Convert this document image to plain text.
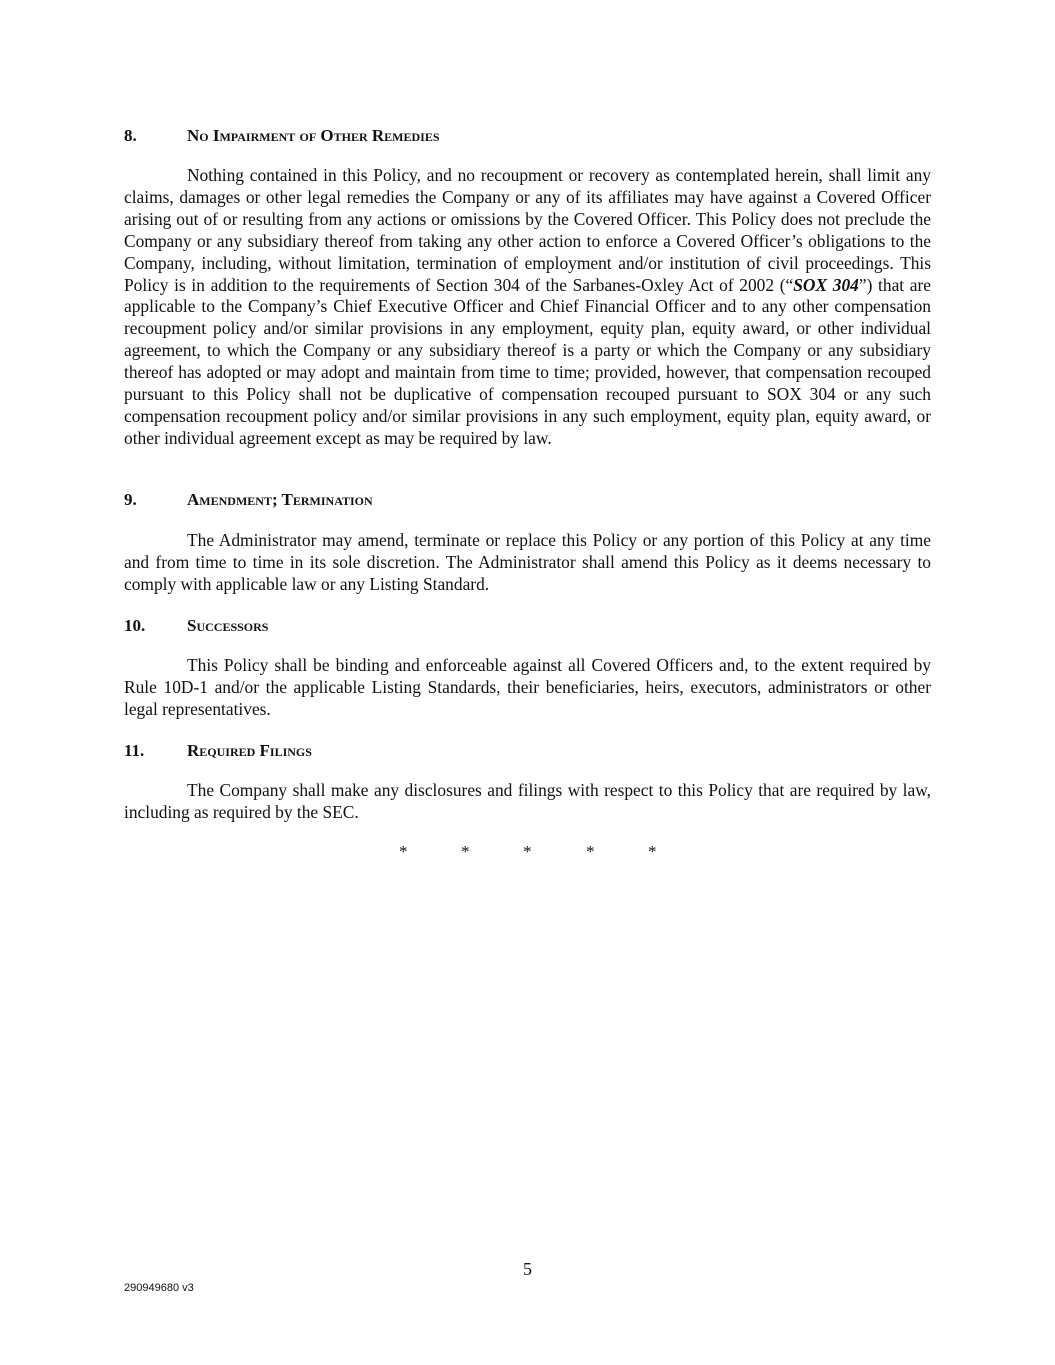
8.	No Impairment of Other Remedies
Nothing contained in this Policy, and no recoupment or recovery as contemplated herein, shall limit any claims, damages or other legal remedies the Company or any of its affiliates may have against a Covered Officer arising out of or resulting from any actions or omissions by the Covered Officer. This Policy does not preclude the Company or any subsidiary thereof from taking any other action to enforce a Covered Officer’s obligations to the Company, including, without limitation, termination of employment and/or institution of civil proceedings. This Policy is in addition to the requirements of Section 304 of the Sarbanes-Oxley Act of 2002 (“SOX 304”) that are applicable to the Company’s Chief Executive Officer and Chief Financial Officer and to any other compensation recoupment policy and/or similar provisions in any employment, equity plan, equity award, or other individual agreement, to which the Company or any subsidiary thereof is a party or which the Company or any subsidiary thereof has adopted or may adopt and maintain from time to time; provided, however, that compensation recouped pursuant to this Policy shall not be duplicative of compensation recouped pursuant to SOX 304 or any such compensation recoupment policy and/or similar provisions in any such employment, equity plan, equity award, or other individual agreement except as may be required by law.
9.	Amendment; Termination
The Administrator may amend, terminate or replace this Policy or any portion of this Policy at any time and from time to time in its sole discretion. The Administrator shall amend this Policy as it deems necessary to comply with applicable law or any Listing Standard.
10. Successors
This Policy shall be binding and enforceable against all Covered Officers and, to the extent required by Rule 10D-1 and/or the applicable Listing Standards, their beneficiaries, heirs, executors, administrators or other legal representatives.
11.	Required Filings
The Company shall make any disclosures and filings with respect to this Policy that are required by law, including as required by the SEC.
*	*	*	*	*
5
290949680 v3
